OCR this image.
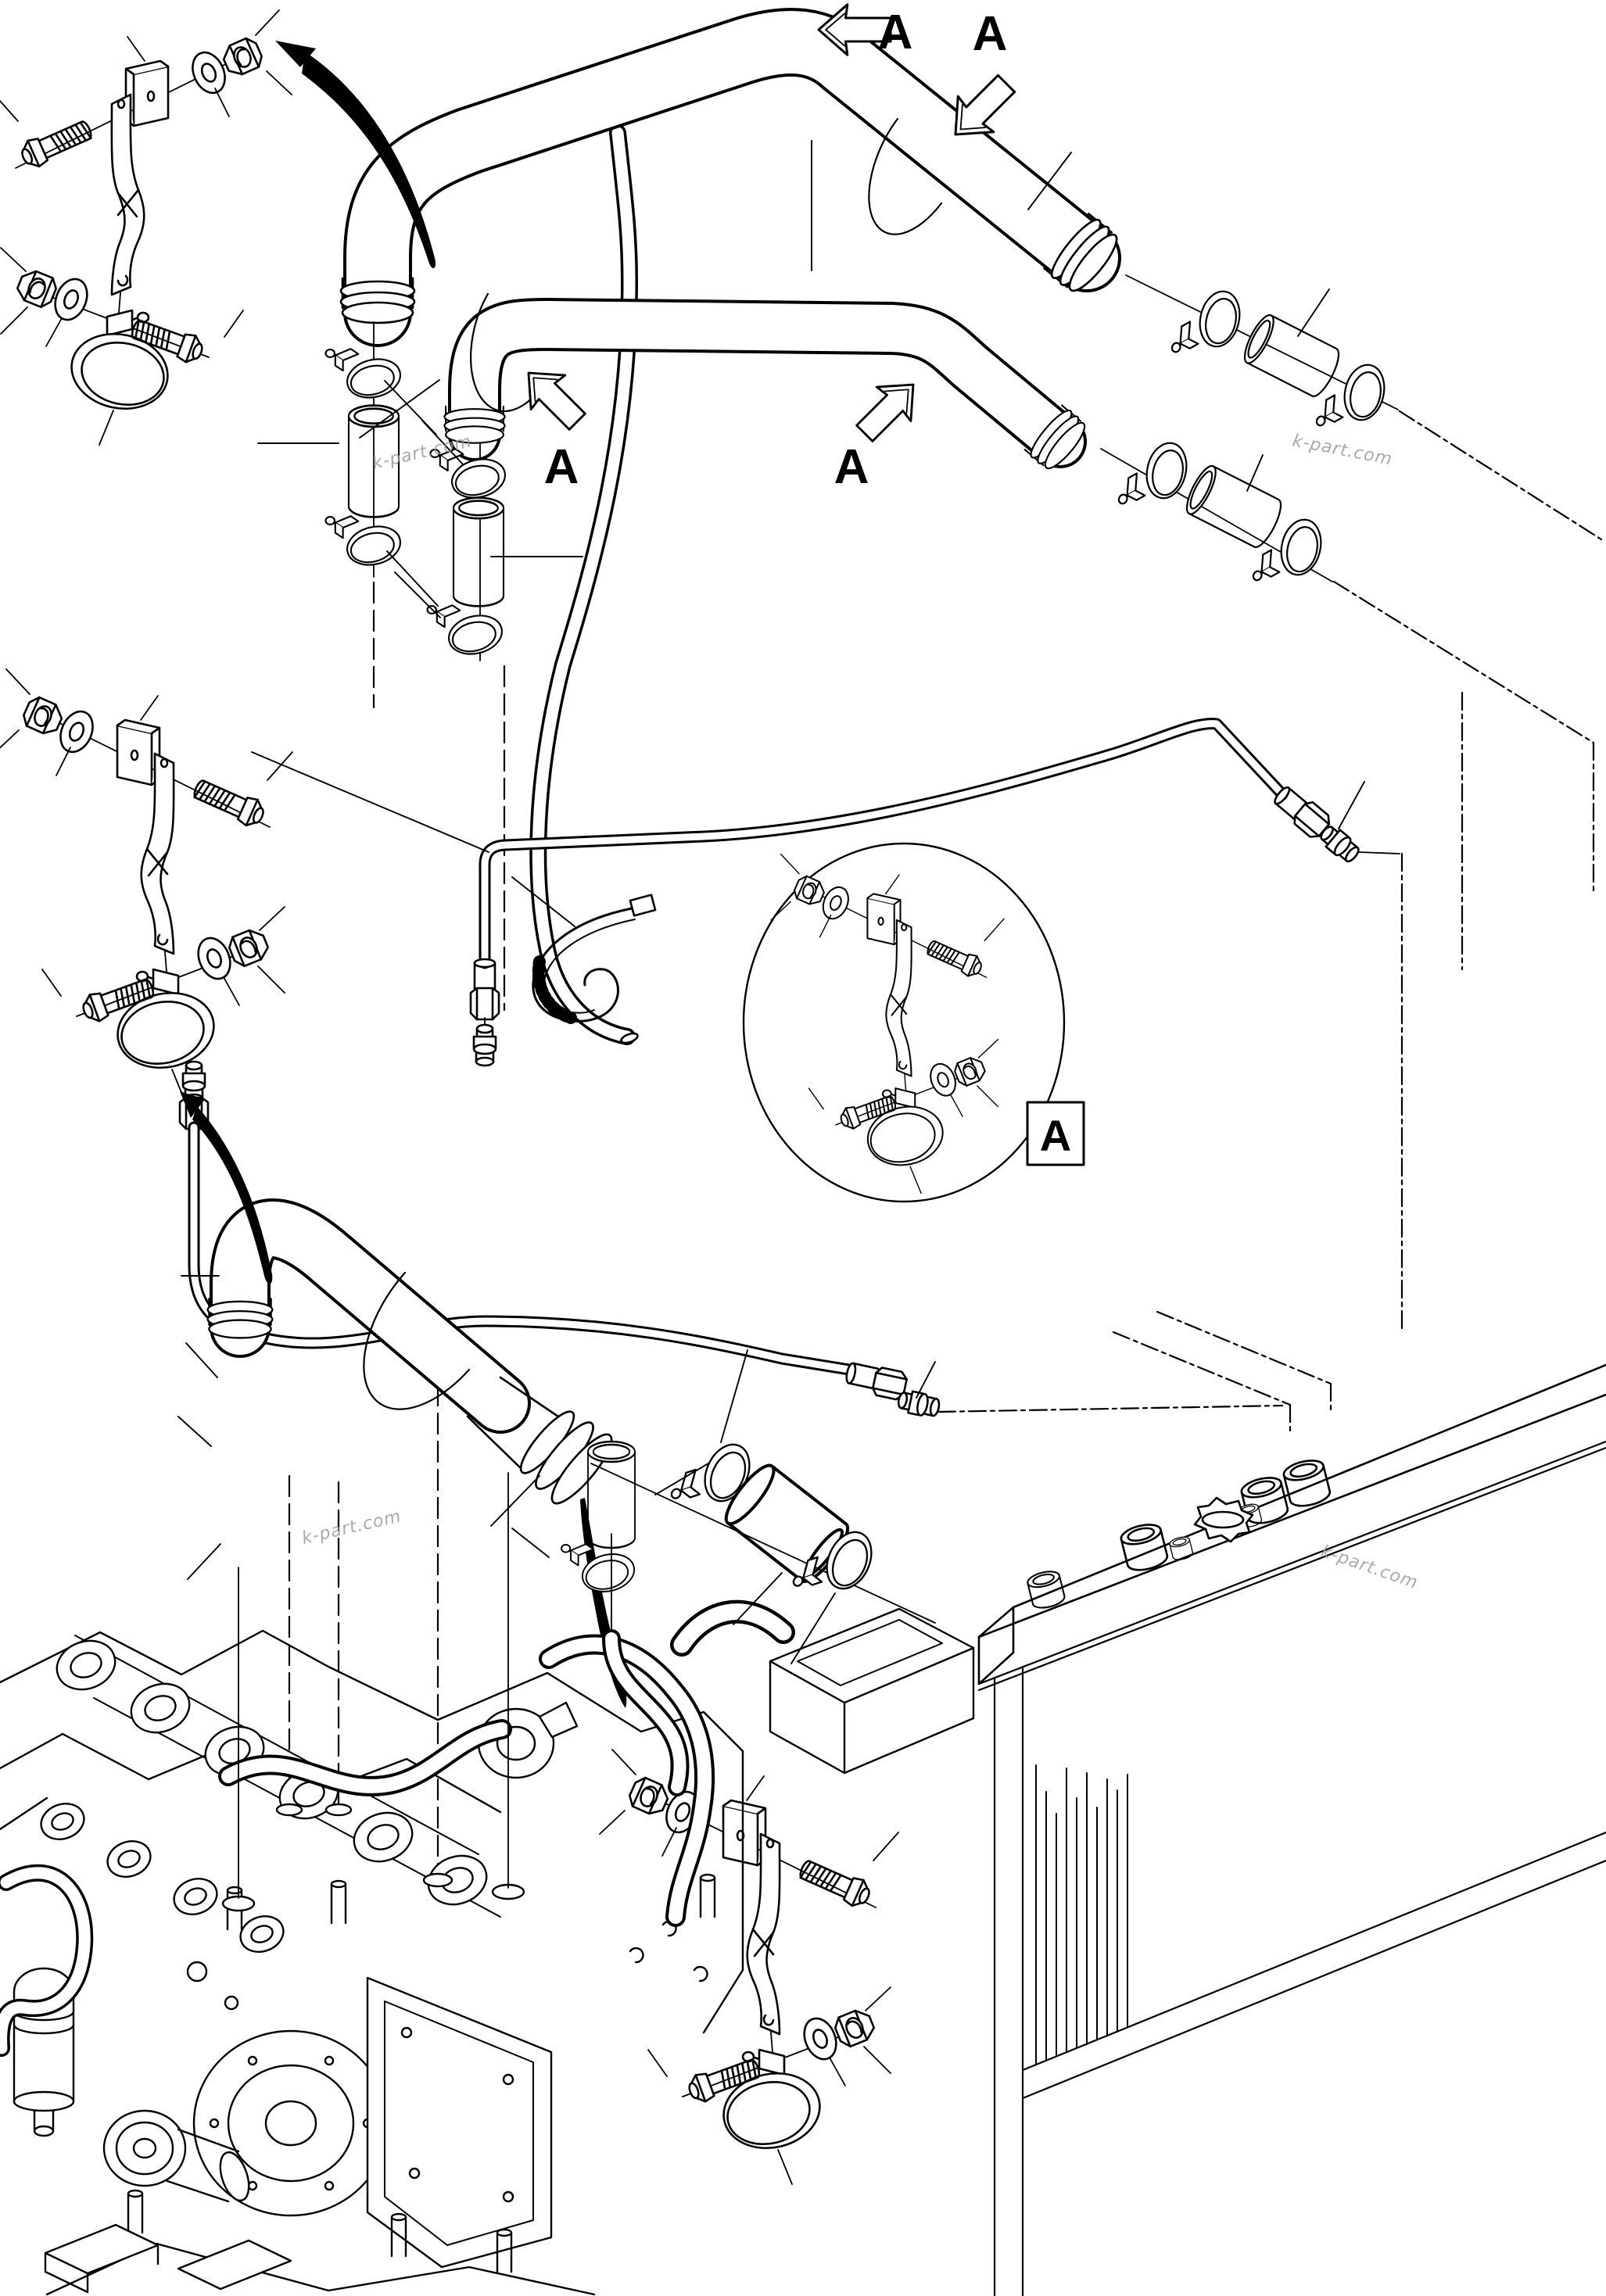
A
A A
A	A
k-part.com	k-part.com
k-part.com
k-part.com
